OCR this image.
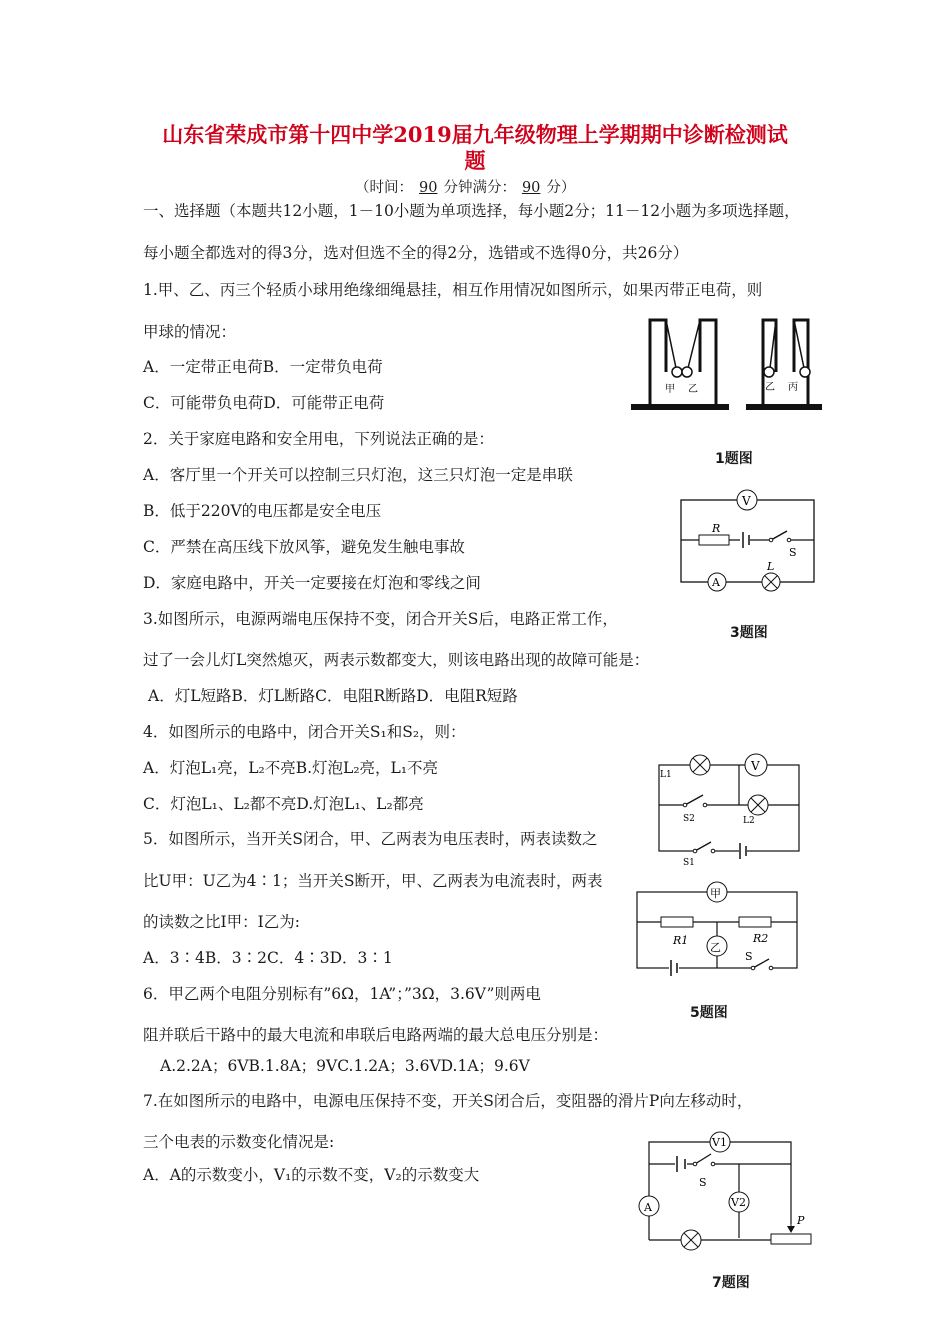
山东省荣成市第十四中学2019届九年级物理上学期期中诊断检测试
题
（时间： 90 分钟满分： 90 分）
一、选择题（本题共12小题，1－10小题为单项选择，每小题2分；11－12小题为多项选择题，
每小题全都选对的得3分，选对但选不全的得2分，选错或不选得0分，共26分）
1.甲、乙、丙三个轻质小球用绝缘细绳悬挂，相互作用情况如图所示，如果丙带正电荷，则
甲球的情况：
A．一定带正电荷B．一定带负电荷
C．可能带负电荷D．可能带正电荷
2．关于家庭电路和安全用电，下列说法正确的是：
A．客厅里一个开关可以控制三只灯泡，这三只灯泡一定是串联
B．低于220V的电压都是安全电压
C．严禁在高压线下放风筝，避免发生触电事故
D．家庭电路中，开关一定要接在灯泡和零线之间
3.如图所示，电源两端电压保持不变，闭合开关S后，电路正常工作，
过了一会儿灯L突然熄灭，两表示数都变大，则该电路出现的故障可能是：
A．灯L短路B．灯L断路C．电阻R断路D．电阻R短路
4．如图所示的电路中，闭合开关S₁和S₂，则：
A．灯泡L₁亮，L₂不亮B.灯泡L₂亮，L₁不亮
C．灯泡L₁、L₂都不亮D.灯泡L₁、L₂都亮
5．如图所示，当开关S闭合，甲、乙两表为电压表时，两表读数之
比U甲：U乙为4∶1；当开关S断开，甲、乙两表为电流表时，两表
的读数之比I甲：I乙为:
A．3∶4B．3∶2C．4∶3D．3∶1
6．甲乙两个电阻分别标有”6Ω，1A”；”3Ω，3.6V”则两电
阻并联后干路中的最大电流和串联后电路两端的最大总电压分别是：
A.2.2A；6VB.1.8A；9VC.1.2A；3.6VD.1A；9.6V
7.在如图所示的电路中，电源电压保持不变，开关S闭合后，变阻器的滑片P向左移动时，
三个电表的示数变化情况是:
A．A的示数变小，V₁的示数不变，V₂的示数变大
甲 乙	乙 丙
1题图
V
R
S
A
L
3题图
L1
V
S2	L2
S1
甲
R1	R2
乙
S
5题图
V1
S
A	V2
P
7题图
